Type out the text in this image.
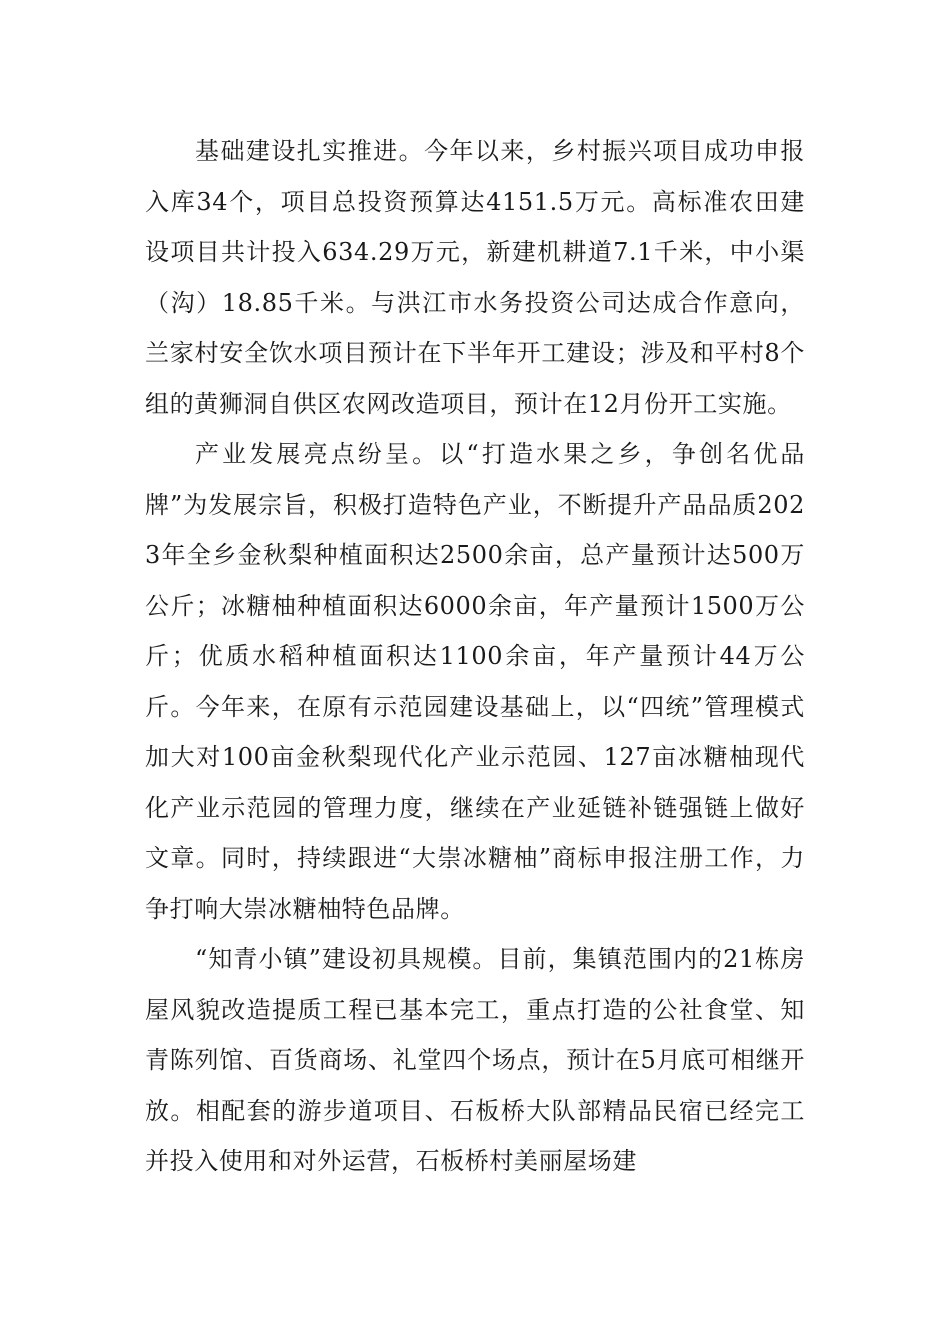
基础建设扎实推进。今年以来，乡村振兴项目成功申报入库34个，项目总投资预算达4151.5万元。高标准农田建设项目共计投入634.29万元，新建机耕道7.1千米，中小渠（沟）18.85千米。与洪江市水务投资公司达成合作意向，兰家村安全饮水项目预计在下半年开工建设；涉及和平村8个组的黄狮洞自供区农网改造项目，预计在12月份开工实施。

产业发展亮点纷呈。以“打造水果之乡，争创名优品牌”为发展宗旨，积极打造特色产业，不断提升产品品质2023年全乡金秋梨种植面积达2500余亩，总产量预计达500万公斤；冰糖柚种植面积达6000余亩，年产量预计1500万公斤；优质水稻种植面积达1100余亩，年产量预计44万公斤。今年来，在原有示范园建设基础上，以“四统”管理模式加大对100亩金秋梨现代化产业示范园、127亩冰糖柚现代化产业示范园的管理力度，继续在产业延链补链强链上做好文章。同时，持续跟进“大崇冰糖柚”商标申报注册工作，力争打响大崇冰糖柚特色品牌。

“知青小镇”建设初具规模。目前，集镇范围内的21栋房屋风貌改造提质工程已基本完工，重点打造的公社食堂、知青陈列馆、百货商场、礼堂四个场点，预计在5月底可相继开放。相配套的游步道项目、石板桥大队部精品民宿已经完工并投入使用和对外运营，石板桥村美丽屋场建
